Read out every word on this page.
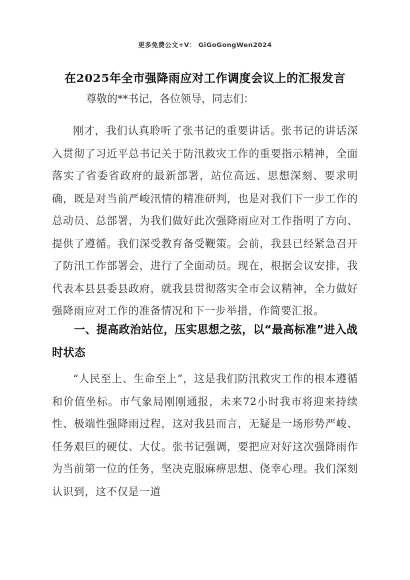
更多免费公文+V： GiGoGongWen2024
在2025年全市强降雨应对工作调度会议上的汇报发言
尊敬的**书记，各位领导，同志们：

刚才，我们认真聆听了张书记的重要讲话。张书记的讲话深入贯彻了习近平总书记关于防汛救灾工作的重要指示精神，全面落实了省委省政府的最新部署，站位高远、思想深刻、要求明确，既是对当前严峻汛情的精准研判，也是对我们下一步工作的总动员、总部署，为我们做好此次强降雨应对工作指明了方向、提供了遵循。我们深受教育备受鞭策。会前，我县已经紧急召开了防汛工作部署会，进行了全面动员。现在，根据会议安排，我代表本县县委县政府，就我县贯彻落实全市会议精神，全力做好强降雨应对工作的准备情况和下一步举措，作简要汇报。

一、提高政治站位，压实思想之弦，以“最高标准”进入战时状态

“人民至上、生命至上”，这是我们防汛救灾工作的根本遵循和价值坐标。市气象局刚刚通报，未来72小时我市将迎来持续性、极端性强降雨过程，这对我县而言，无疑是一场形势严峻、任务艰巨的硬仗、大仗。张书记强调，要把应对好这次强降雨作为当前第一位的任务，坚决克服麻痹思想、侥幸心理。我们深刻认识到，这不仅是一道
